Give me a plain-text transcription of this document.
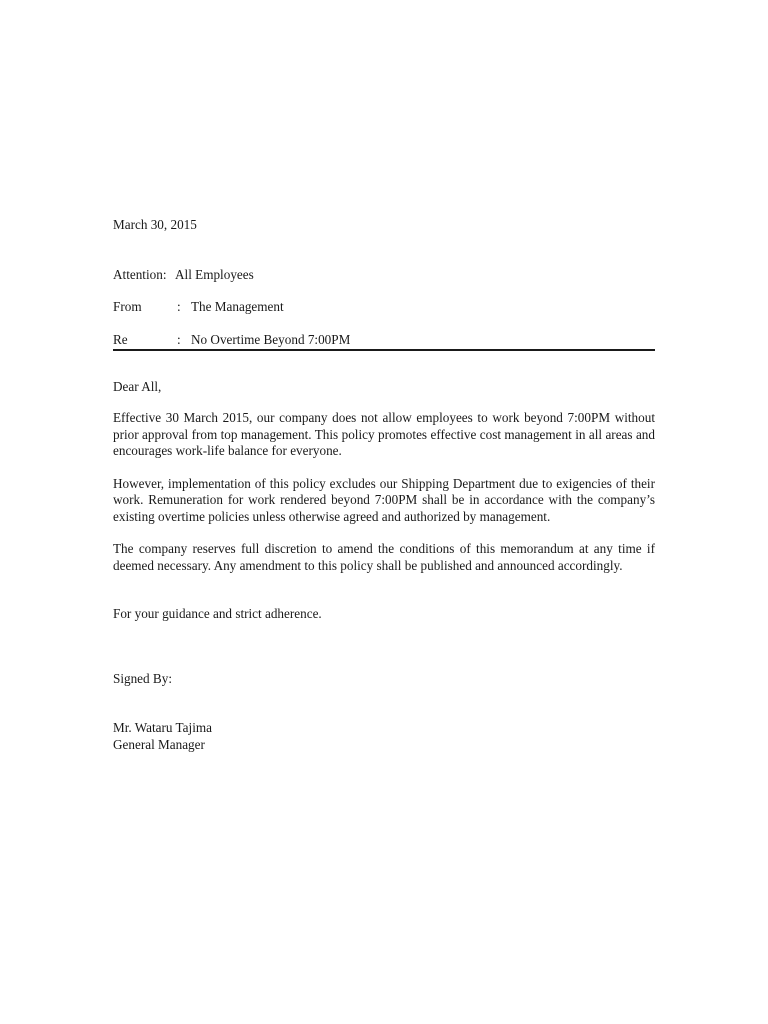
March 30, 2015
Attention: All Employees
From	: The Management
Re	: No Overtime Beyond 7:00PM
Dear All,

Effective 30 March 2015, our company does not allow employees to work beyond 7:00PM without prior approval from top management. This policy promotes effective cost management in all areas and encourages work-life balance for everyone.

However, implementation of this policy excludes our Shipping Department due to exigencies of their work. Remuneration for work rendered beyond 7:00PM shall be in accordance with the company’s existing overtime policies unless otherwise agreed and authorized by management.

The company reserves full discretion to amend the conditions of this memorandum at any time if deemed necessary. Any amendment to this policy shall be published and announced accordingly.

For your guidance and strict adherence.
Signed By:
Mr. Wataru Tajima
General Manager
